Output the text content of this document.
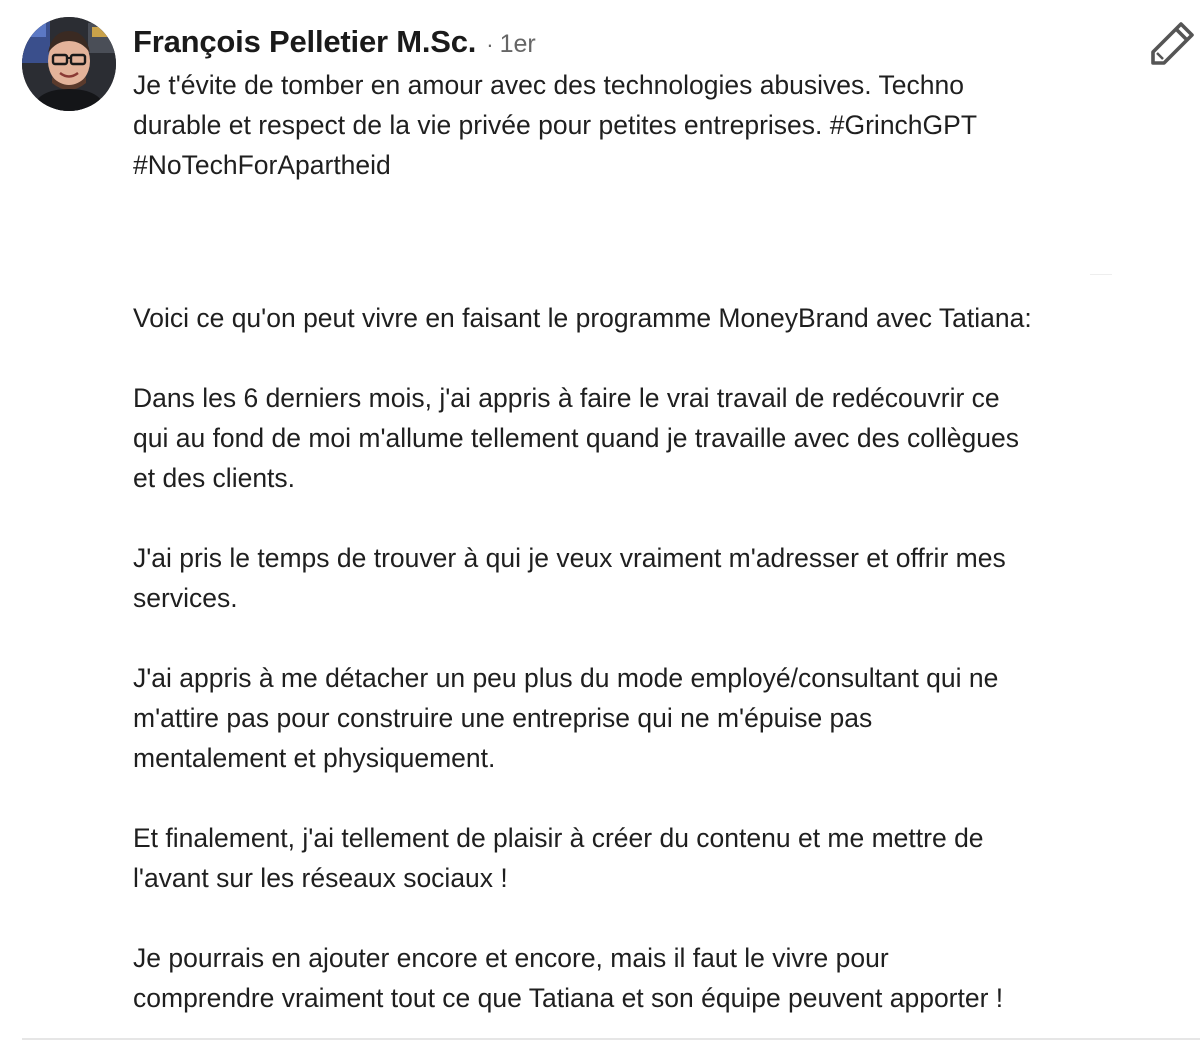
François Pelletier M.Sc. · 1er
Je t'évite de tomber en amour avec des technologies abusives. Techno
durable et respect de la vie privée pour petites entreprises. #GrinchGPT
#NoTechForApartheid

Voici ce qu'on peut vivre en faisant le programme MoneyBrand avec Tatiana:

Dans les 6 derniers mois, j'ai appris à faire le vrai travail de redécouvrir ce
qui au fond de moi m'allume tellement quand je travaille avec des collègues
et des clients.

J'ai pris le temps de trouver à qui je veux vraiment m'adresser et offrir mes
services.

J'ai appris à me détacher un peu plus du mode employé/consultant qui ne
m'attire pas pour construire une entreprise qui ne m'épuise pas
mentalement et physiquement.

Et finalement, j'ai tellement de plaisir à créer du contenu et me mettre de
l'avant sur les réseaux sociaux !

Je pourrais en ajouter encore et encore, mais il faut le vivre pour
comprendre vraiment tout ce que Tatiana et son équipe peuvent apporter !
